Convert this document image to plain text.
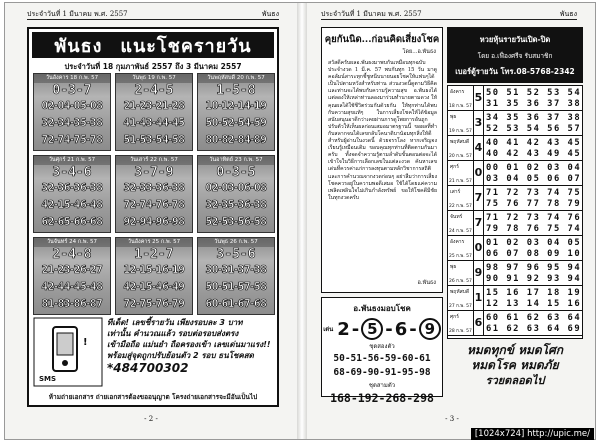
ประจำวันที่ 1 มีนาคม พ.ศ. 2557	พันธง
พันธง แนะโชครายวัน
ประจำวันที่ 18 กุมภาพันธ์ 2557 ถึง 3 มีนาคม 2557
วันอังคาร 18 ก.พ. 57
0-3-7
02-04-05-08
32-34-35-38
72-74-75-78
วันพุธ 19 ก.พ. 57
2-4-5
21-23-21-28
41-43-44-45
51-53-54-58
วันพฤหัสบดี 20 ก.พ. 57
1-5-8
10-12-14-19
50-52-54-59
80-82-84-89
วันศุกร์ 21 ก.พ. 57
3-4-6
32-36-36-38
42-15-46-48
62-65-66-68
วันเสาร์ 22 ก.พ. 57
3-7-9
32-33-36-38
72-74-76-78
92-94-96-98
วันอาทิตย์ 23 ก.พ. 57
0-3-5
02-03-06-08
32-35-36-38
52-53-56-58
วันจันทร์ 24 ก.พ. 57
2-4-8
21-23-26-27
42-44-45-48
81-83-86-87
วันอังคาร 25 ก.พ. 57
1-2-7
12-15-16-19
42-15-46-49
72-75-76-79
วันพุธ 26 ก.พ. 57
3-5-6
30-31-37-38
50-51-57-58
60-61-67-68
!
SMS
ทีเด็ด! เลขชี้รายวัน เพียงรอบละ 3 บาท
เท่านั้น คำนวณแล้ว รอบต่อรอบส่งตรง
เข้ามือถือ แม่นยำ ถือครองเข้า เลขเด่นมาแรง!!
พร้อมสู่จุดถูกปรับย้อนตัว 2 รอบ ธนโชคสด
*484700302
ห้ามถ่ายเอกสาร ถ่ายเอกสารต้องขออนุญาต โครงถ่ายเอกสารจะมีอันเป็นไป
- 2 -
ประจำวันที่ 1 มีนาคม พ.ศ. 2557	พันธง
คุยกันนิด...ก่อนคิดเสี่ยงโชค
โดย...อ.พันธง
สวัสดีครับผลอ.พันธงมาพบกันเหมือนทุกฉบับประจำงวด 1 มี.ค. 57 พบกันทุก 15 วัน มาดูคอลัมน์สาระทุกชี้ชูหนีบนายนอยโชคให้แฟนๆได้เป็นไปตามหวังสำหรับท่าน ส่วนงวดนี้ดูตามวิธีคิดและท่านจะได้พบกับความรู้ความสุข อ.พันธงได้แต่ลองให้เหล่าท่านลองมาร่วมทำนายตามดวง ให้คุณผลได้ใช้ชีวิตร่วมกันด้วยกัน ให้ทุกท่านได้พบกับความสุขแท้ๆ ในการเสี่ยงโชคให้ได้ข้อมูลสนับสนุนอาดีกว่าเคยผ่านการดูโพยการอันถูกปรับตัวให้เห็นผลก่อนเสมอมาตรฐานนี้ ขอผลที่ทำกับสลากจนได้เลขกลับโคนาดิบาน้อมทุกสิ่งให้ดีสำหรับผู้อ่านในงวดนี้ ด้วยจรรโลง หากเจริญจงเรียนรู้เหมือนเดิม ขอบคุณทุกท่านที่ติดตามกันมาครับ ทั้งจดจำความรู้ตามลำดับขั้นตอนต่อจะได้เข้าใจในวิธีการเลือกเลขในแต่ละงวด ค้นหาเลขเด่นที่ควรค่าแก่การลงทุนตามหลักวิชาการสถิติและการคำนวณจากงวดก่อนๆ อย่าลืมว่าการเสี่ยงโชคควรอยู่ในความพอดีเสมอ ใช้ได้โดยแค่ความเพลิดเพลินใจไม่เกินกำลังทรัพย์ ขอให้โชคดีมีชัยในทุกงวดครับ
อ.พันธง
อ.พันธงมอบโชค
เด่น 2 - 5 - 6 - 9
ชุดสองตัว
50-51-56-59-60-61
68-69-90-91-95-98
ชุดสามตัว
168-192-268-298
หวยหุ้นรายวันเปิด-ปิด
โดย อ.เฟื่องศรีจ รับสมาชิก
เบอร์ตู้รายวัน โทร.08-5768-2342
อังคาร
18 ก.พ. 57
5 50 51 52 53 54
31 35 36 37 38
พุธ
19 ก.พ. 57
3 34 35 36 37 38
52 53 54 56 57
พฤหัสบดี
20 ก.พ. 57
4 40 41 42 43 45
40 42 43 49 45
ศุกร์
21 ก.พ. 57
0 00 01 02 03 04
03 04 05 06 07
เสาร์
22 ก.พ. 57
7 71 72 73 74 75
75 76 77 78 79
จันทร์
24 ก.พ. 57
7 71 72 73 74 76
79 78 76 75 74
อังคาร
25 ก.พ. 57
0 01 02 03 04 05
06 07 08 09 10
พุธ
26 ก.พ. 57
9 98 97 96 95 94
90 91 92 93 94
พฤหัสบดี
27 ก.พ. 57
1 15 16 17 18 19
12 13 14 15 16
ศุกร์
28 ก.พ. 57
6 60 61 62 63 64
61 62 63 64 69
หมดทุกข์ หมดโศก
หมดโรค หมดภัย
รวยตลอดไป
- 3 -
[1024x724] http://upic.me/
